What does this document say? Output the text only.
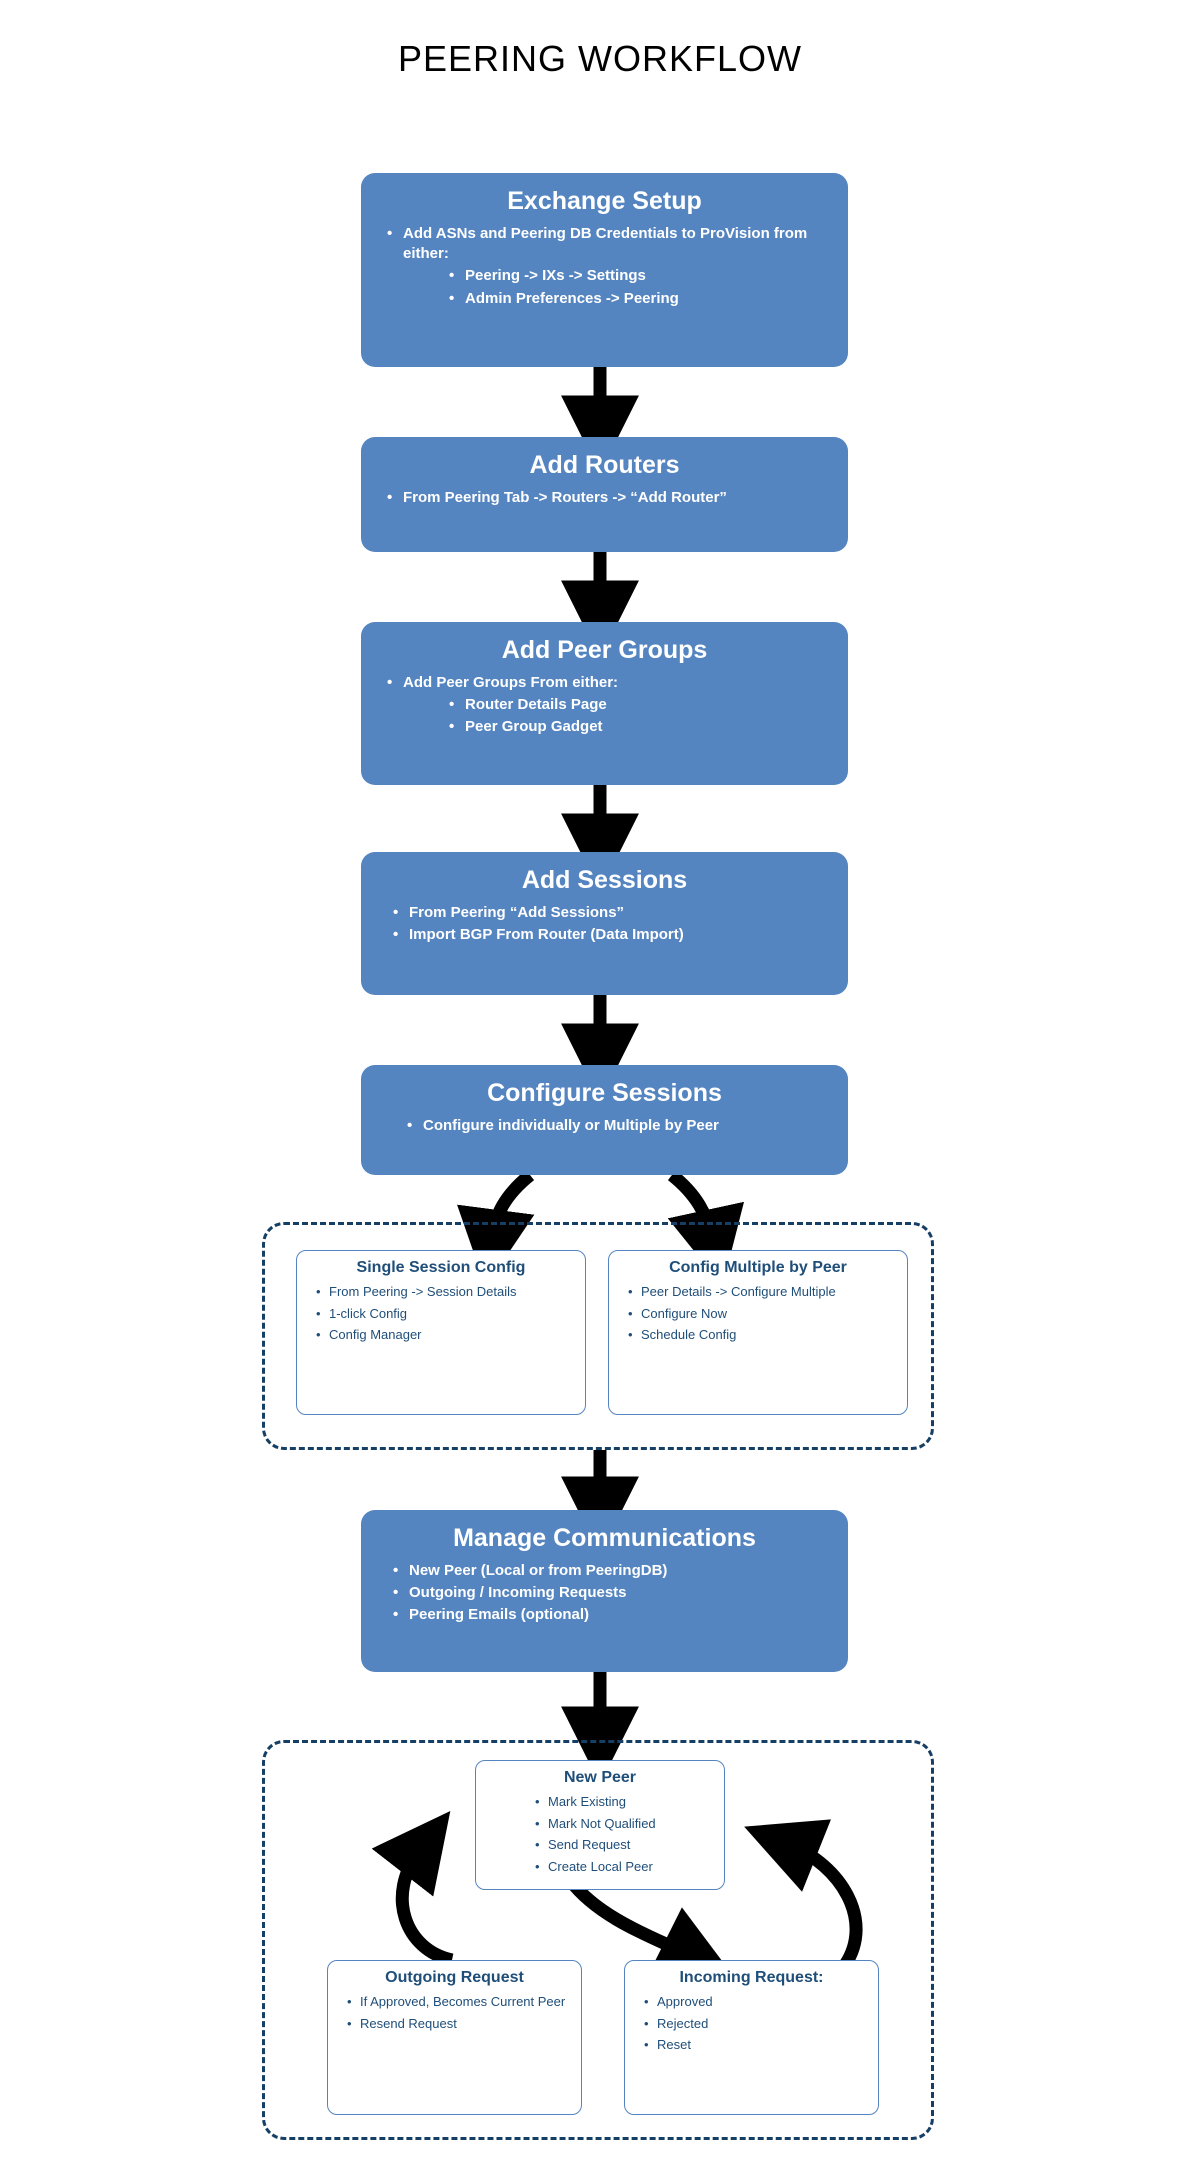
PEERING WORKFLOW
Exchange Setup
• Add ASNs and Peering DB Credentials to ProVision from either:
• Peering -> IXs -> Settings
• Admin Preferences -> Peering
Add Routers
• From Peering Tab -> Routers -> “Add Router”
Add Peer Groups
• Add Peer Groups From either:
• Router Details Page
• Peer Group Gadget
Add Sessions
• From Peering “Add Sessions”
• Import BGP From Router (Data Import)
Configure Sessions
• Configure individually or Multiple by Peer
Single Session Config
• From Peering -> Session Details
• 1-click Config
• Config Manager
Config Multiple by Peer
• Peer Details -> Configure Multiple
• Configure Now
• Schedule Config
Manage Communications
• New Peer (Local or from PeeringDB)
• Outgoing / Incoming Requests
• Peering Emails (optional)
New Peer
• Mark Existing
• Mark Not Qualified
• Send Request
• Create Local Peer
Outgoing Request
• If Approved, Becomes Current Peer
• Resend Request
Incoming Request:
• Approved
• Rejected
• Reset
